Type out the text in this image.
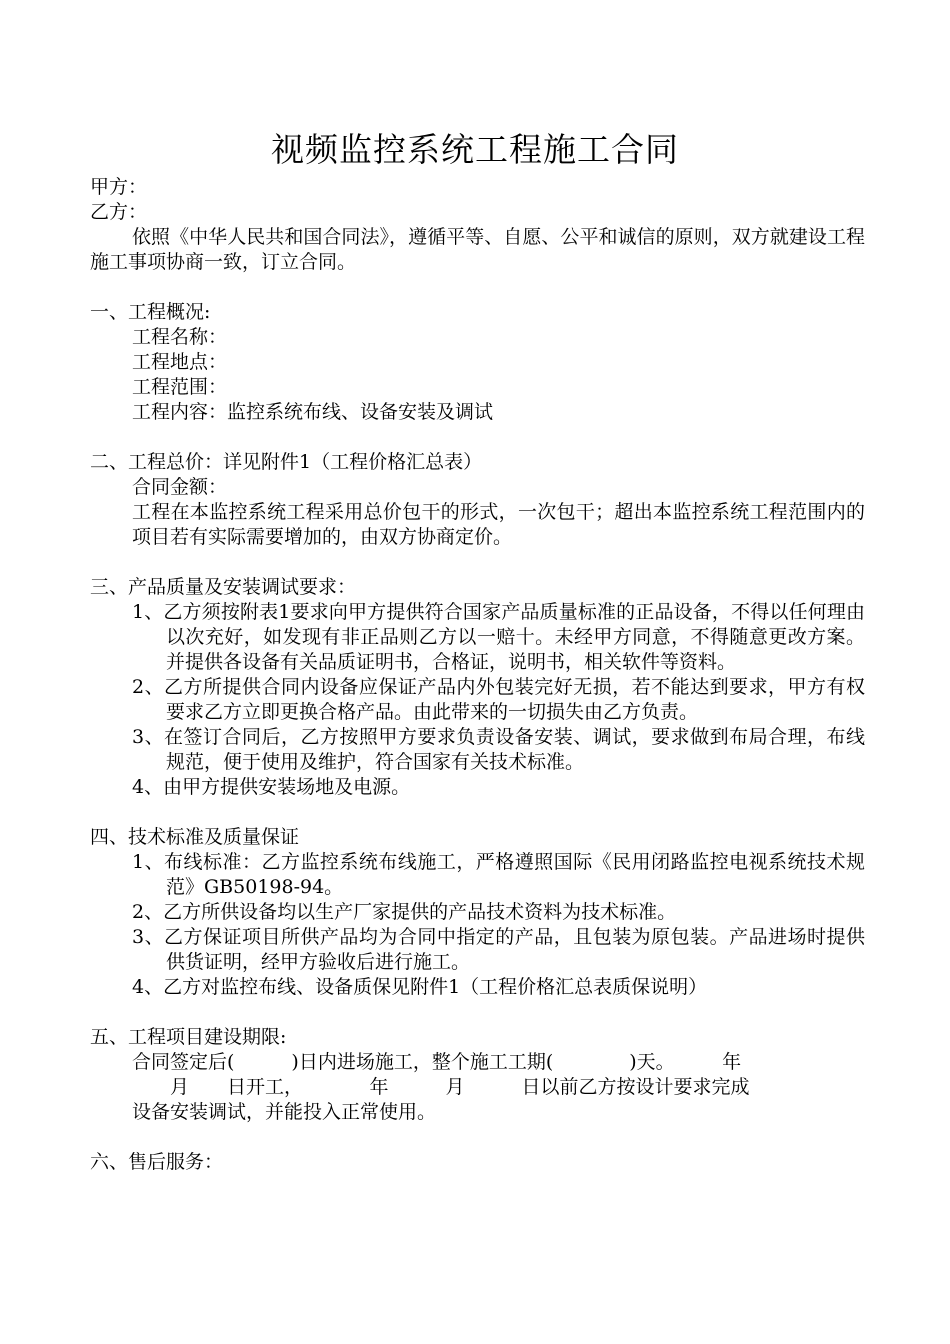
视频监控系统工程施工合同
甲方：
乙方：
依照《中华人民共和国合同法》，遵循平等、自愿、公平和诚信的原则，双方就建设工程施工事项协商一致，订立合同。
一、工程概况:
工程名称：
工程地点：
工程范围：
工程内容：监控系统布线、设备安装及调试
二、工程总价：详见附件1（工程价格汇总表）
合同金额：
工程在本监控系统工程采用总价包干的形式，一次包干；超出本监控系统工程范围内的项目若有实际需要增加的，由双方协商定价。
三、产品质量及安装调试要求：
1、乙方须按附表1要求向甲方提供符合国家产品质量标准的正品设备，不得以任何理由以次充好，如发现有非正品则乙方以一赔十。未经甲方同意，不得随意更改方案。并提供各设备有关品质证明书，合格证，说明书，相关软件等资料。
2、乙方所提供合同内设备应保证产品内外包装完好无损，若不能达到要求，甲方有权要求乙方立即更换合格产品。由此带来的一切损失由乙方负责。
3、在签订合同后，乙方按照甲方要求负责设备安装、调试，要求做到布局合理，布线规范，便于使用及维护，符合国家有关技术标准。
4、由甲方提供安装场地及电源。
四、技术标准及质量保证
1、布线标准：乙方监控系统布线施工，严格遵照国际《民用闭路监控电视系统技术规范》GB50198-94。
2、乙方所供设备均以生产厂家提供的产品技术资料为技术标准。
3、乙方保证项目所供产品均为合同中指定的产品，且包装为原包装。产品进场时提供供货证明，经甲方验收后进行施工。
4、乙方对监控布线、设备质保见附件1（工程价格汇总表质保说明）
五、工程项目建设期限:
合同签定后(　　　)日内进场施工，整个施工工期(　　　　)天。　　　年
　　月　　日开工，　　　　年　　　月　　　日以前乙方按设计要求完成
设备安装调试，并能投入正常使用。
六、售后服务：
